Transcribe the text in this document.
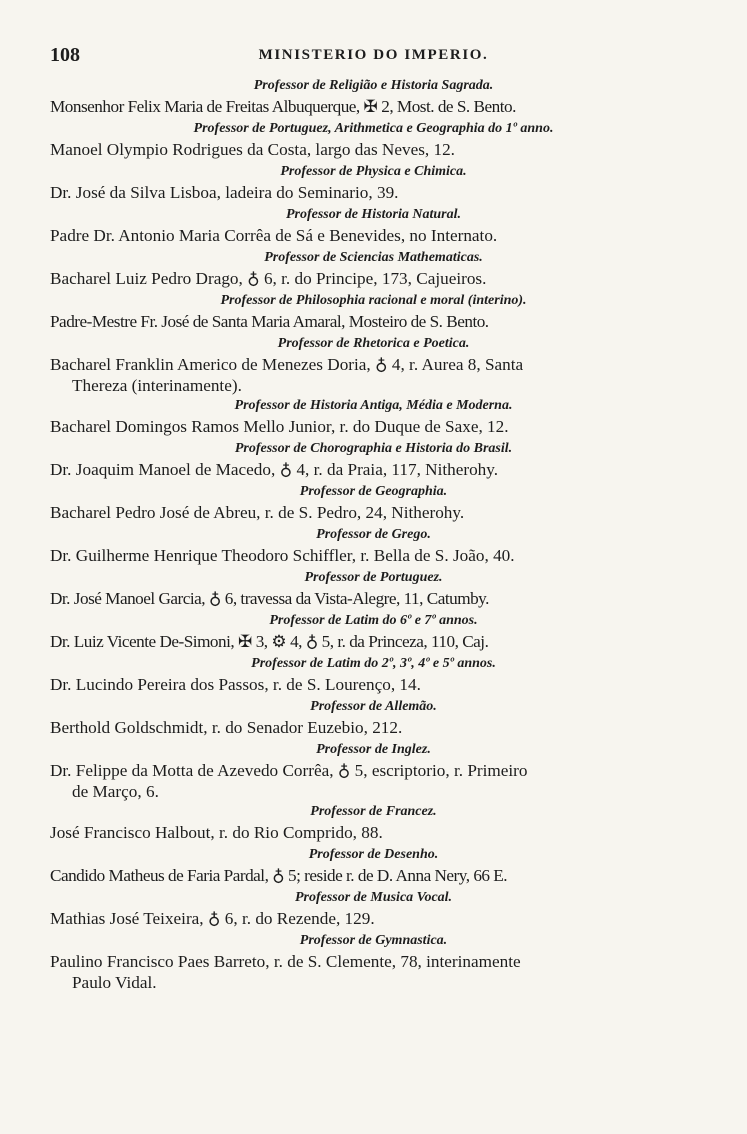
108	MINISTERIO DO IMPERIO.
Professor de Religião e Historia Sagrada.
Monsenhor Felix Maria de Freitas Albuquerque, ✠ 2, Most. de S. Bento.
Professor de Portuguez, Arithmetica e Geographia do 1º anno.
Manoel Olympio Rodrigues da Costa, largo das Neves, 12.
Professor de Physica e Chimica.
Dr. José da Silva Lisboa, ladeira do Seminario, 39.
Professor de Historia Natural.
Padre Dr. Antonio Maria Corrêa de Sá e Benevides, no Internato.
Professor de Sciencias Mathematicas.
Bacharel Luiz Pedro Drago, ♁ 6, r. do Principe, 173, Cajueiros.
Professor de Philosophia racional e moral (interino).
Padre-Mestre Fr. José de Santa Maria Amaral, Mosteiro de S. Bento.
Professor de Rhetorica e Poetica.
Bacharel Franklin Americo de Menezes Doria, ♁ 4, r. Aurea 8, Santa
Thereza (interinamente).
Professor de Historia Antiga, Média e Moderna.
Bacharel Domingos Ramos Mello Junior, r. do Duque de Saxe, 12.
Professor de Chorographia e Historia do Brasil.
Dr. Joaquim Manoel de Macedo, ♁ 4, r. da Praia, 117, Nitherohy.
Professor de Geographia.
Bacharel Pedro José de Abreu, r. de S. Pedro, 24, Nitherohy.
Professor de Grego.
Dr. Guilherme Henrique Theodoro Schiffler, r. Bella de S. João, 40.
Professor de Portuguez.
Dr. José Manoel Garcia, ♁ 6, travessa da Vista-Alegre, 11, Catumby.
Professor de Latim do 6º e 7º annos.
Dr. Luiz Vicente De-Simoni, ✠ 3, ⚙ 4, ♁ 5, r. da Princeza, 110, Caj.
Professor de Latim do 2º, 3º, 4º e 5º annos.
Dr. Lucindo Pereira dos Passos, r. de S. Lourenço, 14.
Professor de Allemão.
Berthold Goldschmidt, r. do Senador Euzebio, 212.
Professor de Inglez.
Dr. Felippe da Motta de Azevedo Corrêa, ♁ 5, escriptorio, r. Primeiro
de Março, 6.
Professor de Francez.
José Francisco Halbout, r. do Rio Comprido, 88.
Professor de Desenho.
Candido Matheus de Faria Pardal, ♁ 5; reside r. de D. Anna Nery, 66 E.
Professor de Musica Vocal.
Mathias José Teixeira, ♁ 6, r. do Rezende, 129.
Professor de Gymnastica.
Paulino Francisco Paes Barreto, r. de S. Clemente, 78, interinamente
Paulo Vidal.
